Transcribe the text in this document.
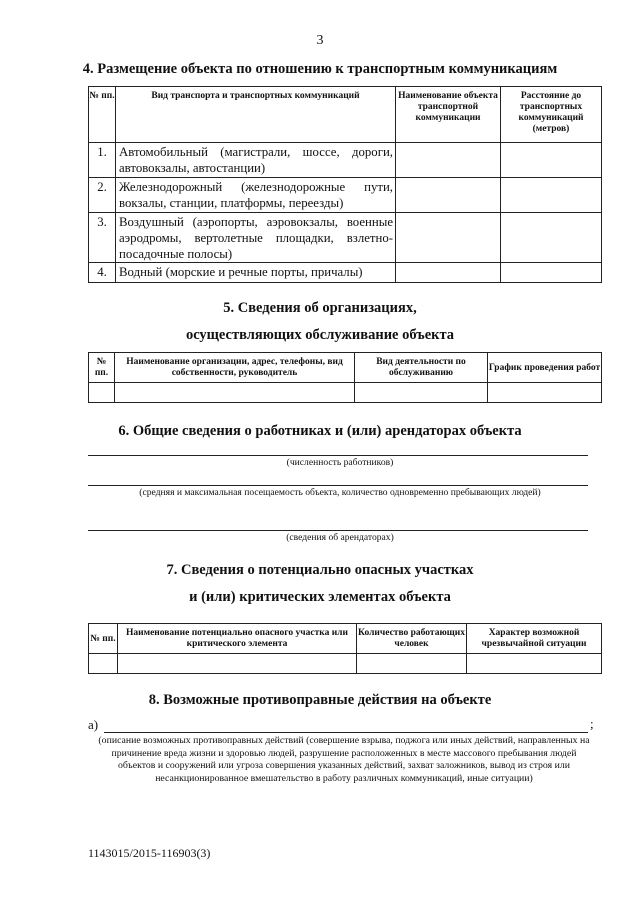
3
4. Размещение объекта по отношению к транспортным коммуникациям
№ пп.	Вид транспорта и транспортных коммуникаций	Наименование объекта транспортной коммуникации	Расстояние до транспортных коммуникаций (метров)
1.	Автомобильный (магистрали, шоссе, дороги, автовокзалы, автостанции)		
2.	Железнодорожный (железнодорожные пути, вокзалы, станции, платформы, переезды)		
3.	Воздушный (аэропорты, аэровокзалы, военные аэродромы, вертолетные площадки, взлетно-посадочные полосы)		
4.	Водный (морские и речные порты, причалы)		
5. Сведения об организациях,
осуществляющих обслуживание объекта
№ пп.	Наименование организации, адрес, телефоны, вид собственности, руководитель	Вид деятельности по обслуживанию	График проведения работ

6. Общие сведения о работниках и (или) арендаторах объекта
(численность работников)
(средняя и максимальная посещаемость объекта, количество одновременно пребывающих людей)
(сведения об арендаторах)
7. Сведения о потенциально опасных участках
и (или) критических элементах объекта
№ пп.	Наименование потенциально опасного участка или критического элемента	Количество работающих человек	Характер возможной чрезвычайной ситуации

8. Возможные противоправные действия на объекте
а)	;
(описание возможных противоправных действий (совершение взрыва, поджога или иных действий, направленных на причинение вреда жизни и здоровью людей, разрушение расположенных в месте массового пребывания людей объектов и сооружений или угроза совершения указанных действий, захват заложников, вывод из строя или несанкционированное вмешательство в работу различных коммуникаций, иные ситуации)
1143015/2015-116903(3)
